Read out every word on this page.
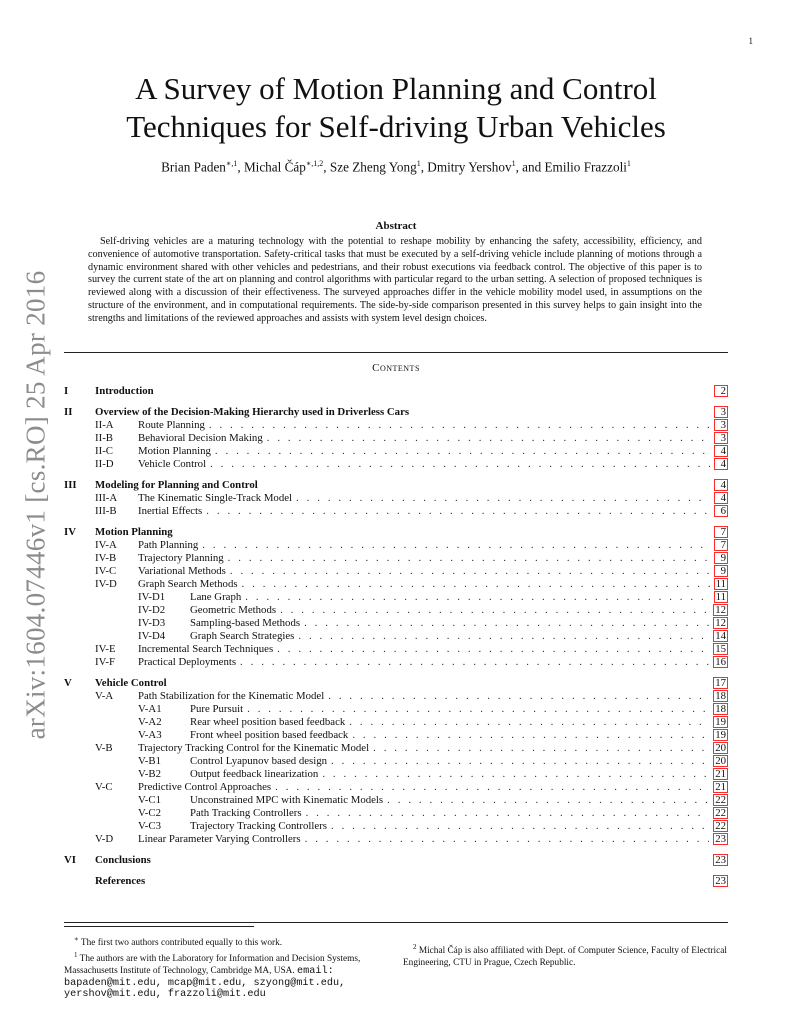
1
arXiv:1604.07446v1 [cs.RO] 25 Apr 2016
A Survey of Motion Planning and Control
Techniques for Self-driving Urban Vehicles
Brian Paden$^{∗,1}$, Michal Čáp$^{∗,1,2}$, Sze Zheng Yong$^1$, Dmitry Yershov$^1$, and Emilio Frazzoli$^1$
Abstract
Self-driving vehicles are a maturing technology with the potential to reshape mobility by enhancing the safety, accessibility, efficiency, and convenience of automotive transportation. Safety-critical tasks that must be executed by a self-driving vehicle include planning of motions through a dynamic environment shared with other vehicles and pedestrians, and their robust executions via feedback control. The objective of this paper is to survey the current state of the art on planning and control algorithms with particular regard to the urban setting. A selection of proposed techniques is reviewed along with a discussion of their effectiveness. The surveyed approaches differ in the vehicle mobility model used, in assumptions on the structure of the environment, and in computational requirements. The side-by-side comparison presented in this survey helps to gain insight into the strengths and limitations of the reviewed approaches and assists with system level design choices.
Contents
I	Introduction	2
II	Overview of the Decision-Making Hierarchy used in Driverless Cars	3
II-A	Route Planning . . .	3
II-B	Behavioral Decision Making . . .	3
II-C	Motion Planning . . .	4
II-D	Vehicle Control . . .	4
III	Modeling for Planning and Control	4
III-A	The Kinematic Single-Track Model . . .	4
III-B	Inertial Effects . . .	6
IV	Motion Planning	7
IV-A	Path Planning . . .	7
IV-B	Trajectory Planning . . .	9
IV-C	Variational Methods . . .	9
IV-D	Graph Search Methods . . .	11
IV-D1	Lane Graph . . .	11
IV-D2	Geometric Methods . . .	12
IV-D3	Sampling-based Methods . . .	12
IV-D4	Graph Search Strategies . . .	14
IV-E	Incremental Search Techniques . . .	15
IV-F	Practical Deployments . . .	16
V	Vehicle Control	17
V-A	Path Stabilization for the Kinematic Model . . .	18
V-A1	Pure Pursuit . . .	18
V-A2	Rear wheel position based feedback . . .	19
V-A3	Front wheel position based feedback . . .	19
V-B	Trajectory Tracking Control for the Kinematic Model . . .	20
V-B1	Control Lyapunov based design . . .	20
V-B2	Output feedback linearization . . .	21
V-C	Predictive Control Approaches . . .	21
V-C1	Unconstrained MPC with Kinematic Models . . .	22
V-C2	Path Tracking Controllers . . .	22
V-C3	Trajectory Tracking Controllers . . .	22
V-D	Linear Parameter Varying Controllers . . .	23
VI	Conclusions	23
References	23

∗ The first two authors contributed equally to this work.

$^1$ The authors are with the Laboratory for Information and Decision Systems, Massachusetts Institute of Technology, Cambridge MA, USA. email:

bapaden@mit.edu, mcap@mit.edu, szyong@mit.edu,
yershov@mit.edu, frazzoli@mit.edu

$^2$ Michal Čáp is also affiliated with Dept. of Computer Science, Faculty of Electrical Engineering, CTU in Prague, Czech Republic.
